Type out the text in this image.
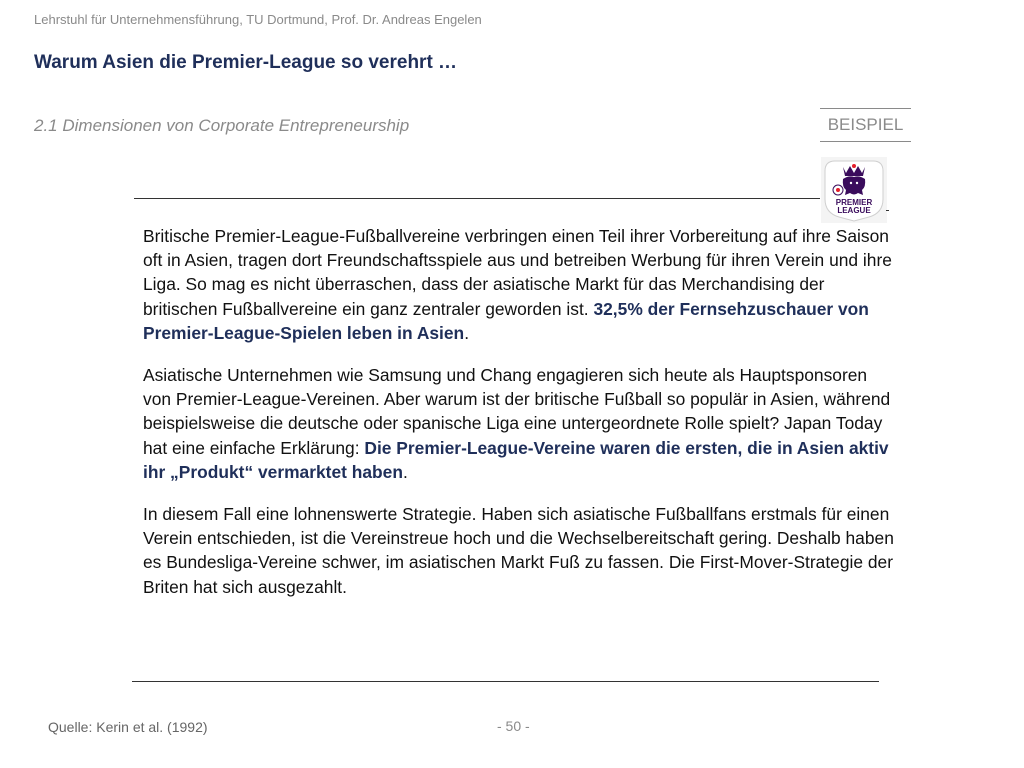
Lehrstuhl für Unternehmensführung, TU Dortmund, Prof. Dr. Andreas Engelen
Warum Asien die Premier-League so verehrt …
2.1 Dimensionen von Corporate Entrepreneurship	BEISPIEL
PREMIER
LEAGUE

Britische Premier-League-Fußballvereine verbringen einen Teil ihrer Vorbereitung auf ihre Saison oft in Asien, tragen dort Freundschaftsspiele aus und betreiben Werbung für ihren Verein und ihre Liga. So mag es nicht überraschen, dass der asiatische Markt für das Merchandising der britischen Fußballvereine ein ganz zentraler geworden ist. 32,5% der Fernsehzuschauer von Premier-League-Spielen leben in Asien.

Asiatische Unternehmen wie Samsung und Chang engagieren sich heute als Hauptsponsoren von Premier-League-Vereinen. Aber warum ist der britische Fußball so populär in Asien, während beispielsweise die deutsche oder spanische Liga eine untergeordnete Rolle spielt? Japan Today hat eine einfache Erklärung: Die Premier-League-Vereine waren die ersten, die in Asien aktiv ihr „Produkt“ vermarktet haben.

In diesem Fall eine lohnenswerte Strategie. Haben sich asiatische Fußballfans erstmals für einen Verein entschieden, ist die Vereinstreue hoch und die Wechselbereitschaft gering. Deshalb haben es Bundesliga-Vereine schwer, im asiatischen Markt Fuß zu fassen. Die First-Mover-Strategie der Briten hat sich ausgezahlt.

Quelle: Kerin et al. (1992)	- 50 -
